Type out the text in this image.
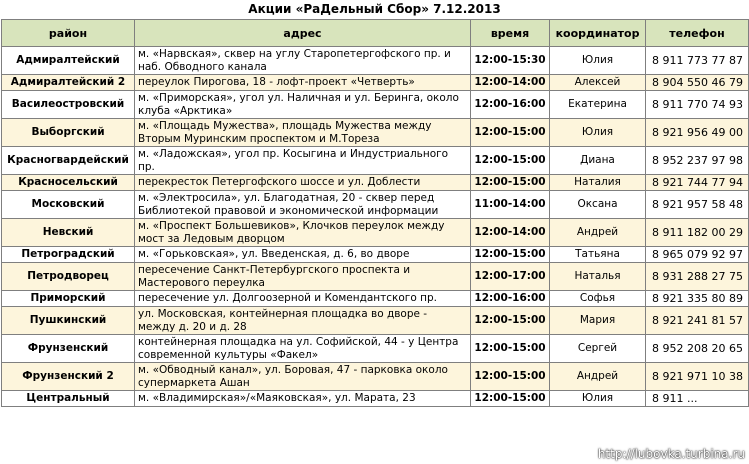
Акции «РаДельный Сбор» 7.12.2013
район	адрес	время	координатор	телефон
Адмиралтейский	м. «Нарвская», сквер на углу Старопетергофского пр. и наб. Обводного канала	12:00-15:30	Юлия	8 911 773 77 87
Адмиралтейский 2	переулок Пирогова, 18 - лофт-проект «Четверть»	12:00-14:00	Алексей	8 904 550 46 79
Василеостровский	м. «Приморская», угол ул. Наличная и ул. Беринга, около клуба «Арктика»	12:00-16:00	Екатерина	8 911 770 74 93
Выборгский	м. «Площадь Мужества», площадь Мужества между Вторым Муринским проспектом и М.Тореза	12:00-15:00	Юлия	8 921 956 49 00
Красногвардейский	м. «Ладожская», угол пр. Косыгина и Индустриального пр.	12:00-15:00	Диана	8 952 237 97 98
Красносельский	перекресток Петергофского шоссе и ул. Доблести	12:00-15:00	Наталия	8 921 744 77 94
Московский	м. «Электросила», ул. Благодатная, 20 - сквер перед Библиотекой правовой и экономической информации	11:00-14:00	Оксана	8 921 957 58 48
Невский	м. «Проспект Большевиков», Клочков переулок между мост за Ледовым дворцом	12:00-14:00	Андрей	8 911 182 00 29
Петроградский	м. «Горьковская», ул. Введенская, д. 6, во дворе	12:00-15:00	Татьяна	8 965 079 92 97
Петродворец	пересечение Санкт-Петербургского проспекта и Мастерового переулка	12:00-17:00	Наталья	8 931 288 27 75
Приморский	пересечение ул. Долгоозерной и Комендантского пр.	12:00-16:00	Софья	8 921 335 80 89
Пушкинский	ул. Московская, контейнерная площадка во дворе - между д. 20 и д. 28	12:00-15:00	Мария	8 921 241 81 57
Фрунзенский	контейнерная площадка на ул. Софийской, 44 - у Центра современной культуры «Факел»	12:00-15:00	Сергей	8 952 208 20 65
Фрунзенский 2	м. «Обводный канал», ул. Боровая, 47 - парковка около супермаркета Ашан	12:00-15:00	Андрей	8 921 971 10 38
Центральный	м. «Владимирская»/«Маяковская», ул. Марата, 23	12:00-15:00	Юлия	8 911 ...
http://lubovka.turbina.ru
